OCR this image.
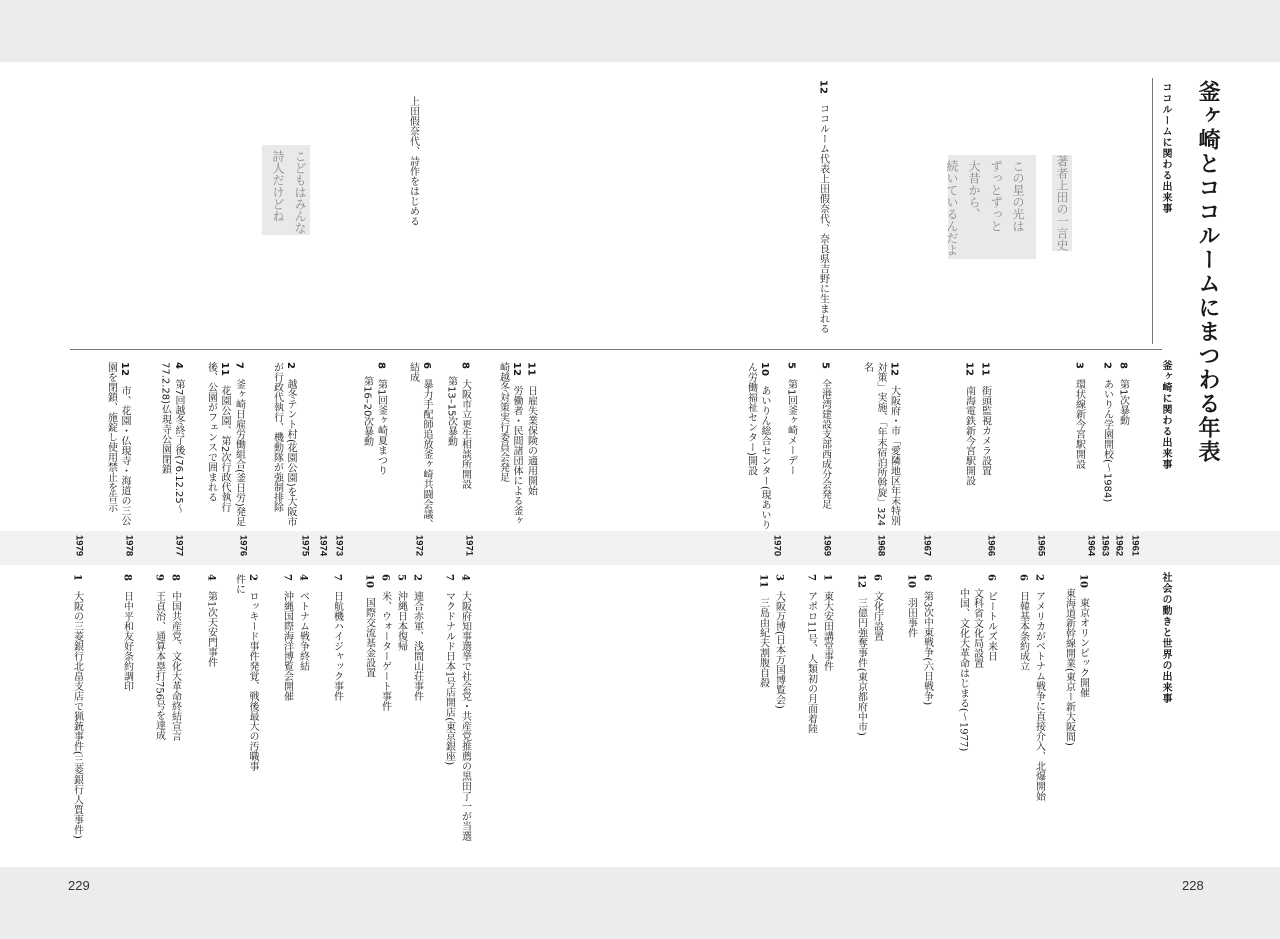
229	228
釜ヶ崎とココルームにまつわる年表
ココルームに関わる出来事
釜ヶ崎に関わる出来事
社会の動きと世界の出来事
著者上田の一言史
この星の光は
ずっとずっと
大昔から、
続いているんだよ
こどもはみんな
詩人だけどね
12　ココルーム代表上田假奈代、奈良県吉野に生まれる
上田假奈代、詩作をはじめる
1961
1962
1963
1964
1965
1966
1967
1968
1969
1970
1971
1972
1973
1974
1975
1976
1977
1978
1979
8　第1次暴動
2　あいりん学園開校(〜1984)
3　環状線新今宮駅開設
11　街頭監視カメラ設置
12　南海電鉄新今宮駅開設
12　大阪府・市「愛隣地区年末特別対策」実施、「年末宿泊所斡旋」324名
5　全港湾建設支部西成分会発足
5　第1回釜ヶ崎メーデー
10　あいりん総合センター(現あいりん労働福祉センター)開設
11　日雇失業保険の適用開始
12　労働者・民間諸団体による釜ヶ崎越冬対策実行委員会発足
8　大阪市立更生相談所開設
第13–15次暴動
6　暴力手配師追放釜ヶ崎共闘会議、結成
8　第1回釜ヶ崎夏まつり
第16–20次暴動
2　越冬テント村(花園公園)を大阪市が行政代執行、機動隊が強制排除
7　釜ヶ崎日雇労働組合(釜日労)発足
11　花園公園、第2次行政代執行後、公園がフェンスで囲まれる
4　第7回越冬終了後(76.12.25〜77.2.28)仏現寺公園閉鎖
12　市、花園・仏現寺・海道の三公園を閉鎖、施錠し使用禁止を告示
10　東京オリンピック開催
東海道新幹線開業(東京ー新大阪間)
2　アメリカがベトナム戦争に直接介入、北爆開始
6　日韓基本条約成立
6　ビートルズ来日
文科省文化局設置
中国、文化大革命はじまる(〜1977)
6　第3次中東戦争(六日戦争)
10　羽田事件
6　文化庁設置
12　三億円強奪事件(東京都府中市)
1　東大安田講堂事件
7　アポロ11号、人類初の月面着陸
3　大阪万博(日本万国博覧会)
11　三島由紀夫割腹自殺
4　大阪府知事選挙で社会党・共産党推薦の黒田了一が当選
7　マクドナルド日本1号店開店(東京銀座)
2　連合赤軍、浅間山荘事件
5　沖縄日本復帰
6　米、ウォーターゲート事件
10　国際交流基金設置
7　日航機ハイジャック事件
4　ベトナム戦争終結
7　沖縄国際海洋博覧会開催
2　ロッキード事件発覚、戦後最大の汚職事件に
4　第1次天安門事件
8　中国共産党、文化大革命終結宣言
9　王貞治、通算本塁打756号を達成
8　日中平和友好条約調印
1　大阪の三菱銀行北畠支店で猟銃事件(三菱銀行人質事件)
